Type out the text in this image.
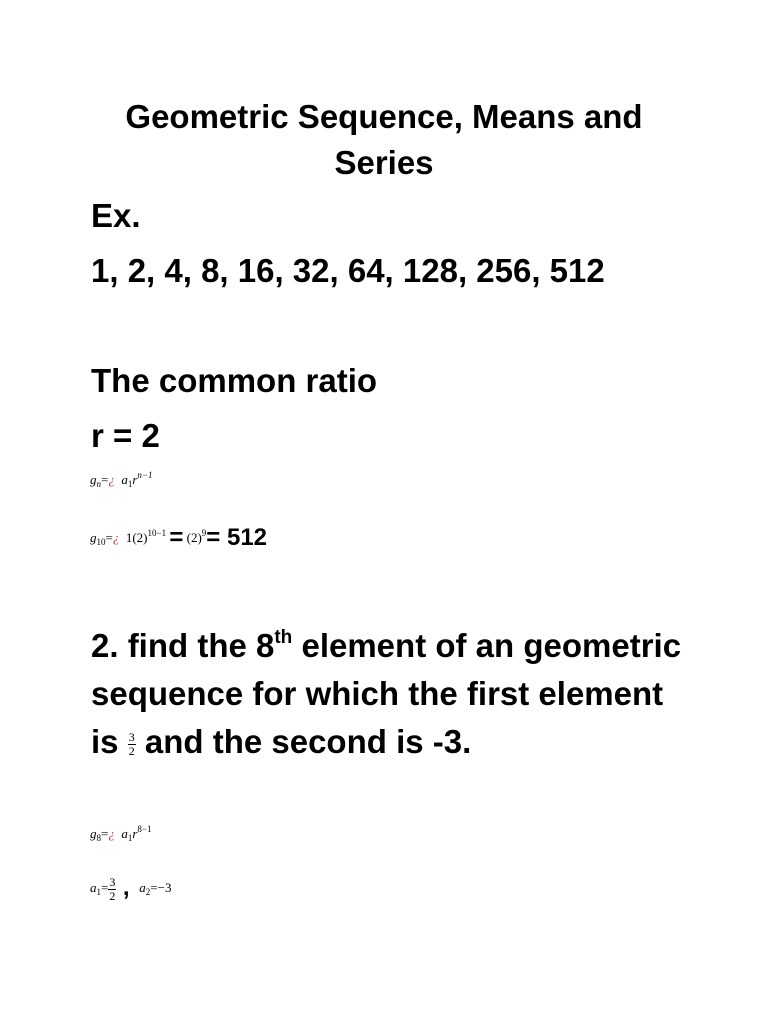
Geometric Sequence, Means and Series
Ex.
1, 2, 4, 8, 16, 32, 64, 128, 256, 512
The common ratio
r = 2
$g_n=¿$ $a_1r^{n-1}$
$g_{10}=¿$ $1(2)^{10-1} = (2)^9= 512$
2. find the 8th element of an geometric sequence for which the first element is $\frac{3}{2}$ and the second is -3.
$g_8=¿$ $a_1r^{8-1}$
$a_1= \frac{3}{2}$ , $a_2=-3$
